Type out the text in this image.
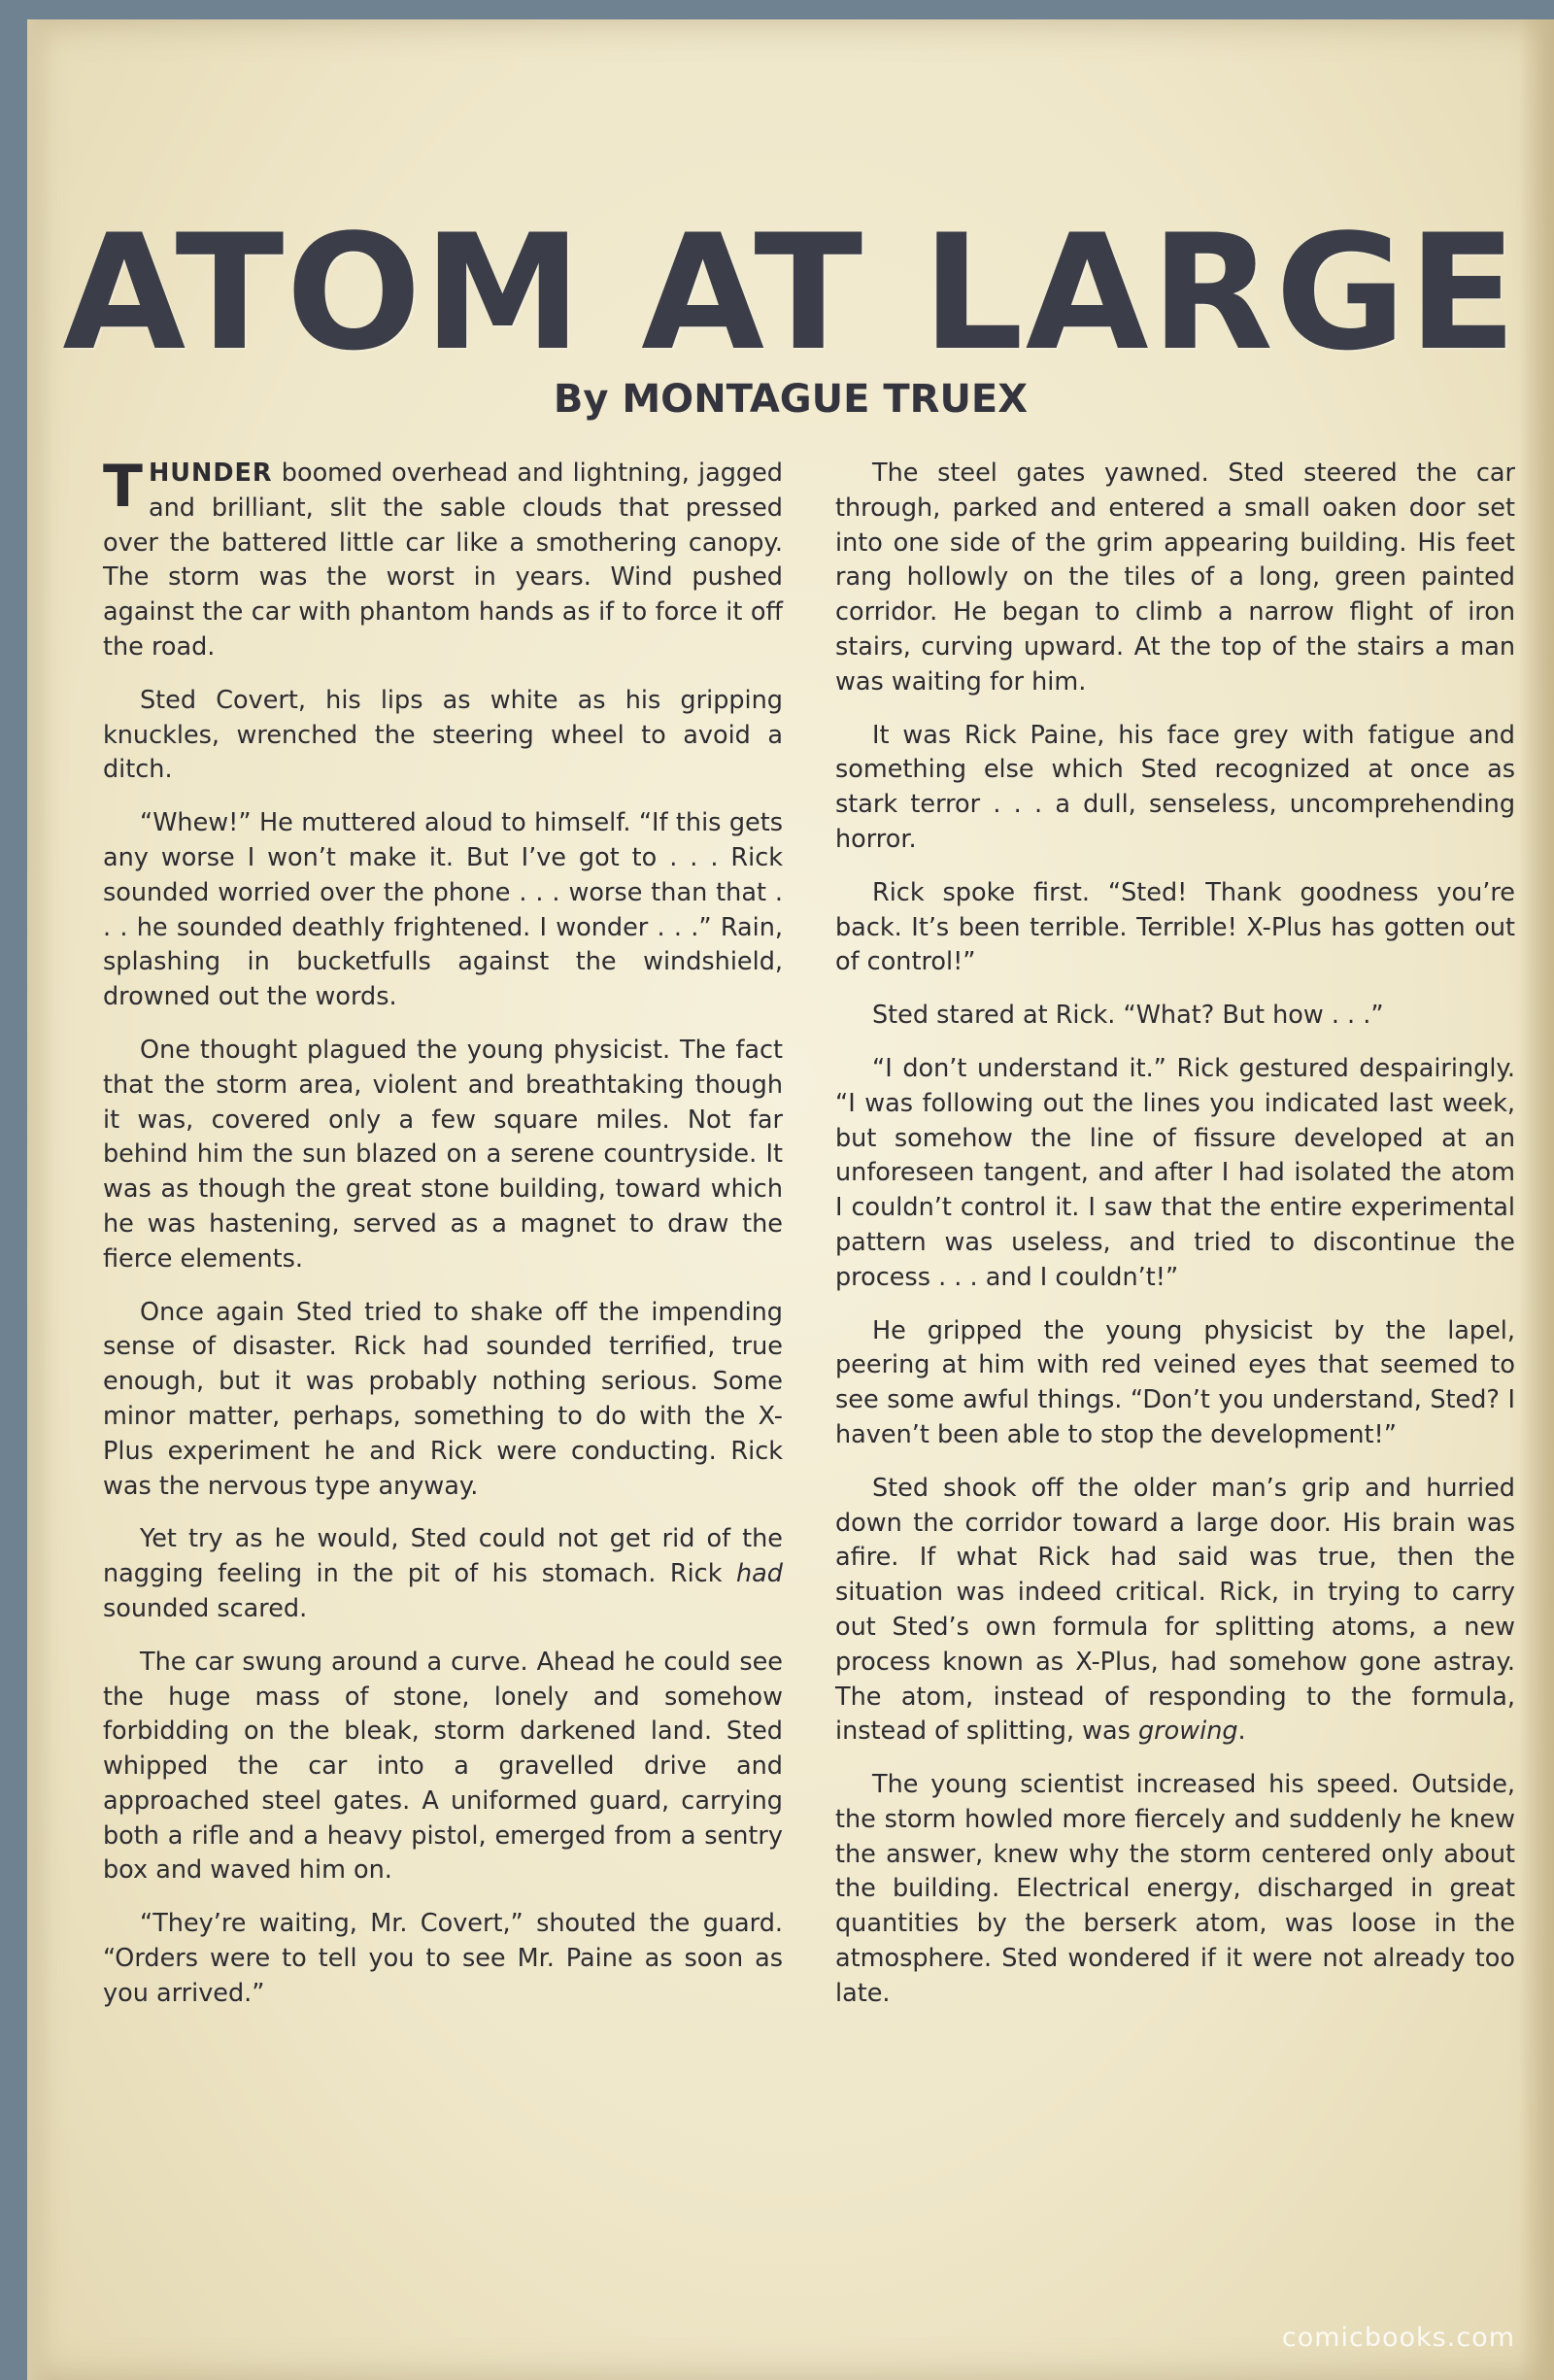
ATOM AT LARGE
By MONTAGUE TRUEX

THUNDER boomed overhead and lightning, jagged and brilliant, slit the sable clouds that pressed over the battered little car like a smothering canopy. The storm was the worst in years. Wind pushed against the car with phantom hands as if to force it off the road.

Sted Covert, his lips as white as his gripping knuckles, wrenched the steering wheel to avoid a ditch.

“Whew!” He muttered aloud to himself. “If this gets any worse I won’t make it. But I’ve got to . . . Rick sounded worried over the phone . . . worse than that . . . he sounded deathly frightened. I wonder . . .” Rain, splashing in bucketfulls against the windshield, drowned out the words.

One thought plagued the young physicist. The fact that the storm area, violent and breathtaking though it was, covered only a few square miles. Not far behind him the sun blazed on a serene countryside. It was as though the great stone building, toward which he was hastening, served as a magnet to draw the fierce elements.

Once again Sted tried to shake off the impending sense of disaster. Rick had sounded terrified, true enough, but it was probably nothing serious. Some minor matter, perhaps, something to do with the X-Plus experiment he and Rick were conducting. Rick was the nervous type anyway.

Yet try as he would, Sted could not get rid of the nagging feeling in the pit of his stomach. Rick had sounded scared.

The car swung around a curve. Ahead he could see the huge mass of stone, lonely and somehow forbidding on the bleak, storm darkened land. Sted whipped the car into a gravelled drive and approached steel gates. A uniformed guard, carrying both a rifle and a heavy pistol, emerged from a sentry box and waved him on.

“They’re waiting, Mr. Covert,” shouted the guard. “Orders were to tell you to see Mr. Paine as soon as you arrived.”

The steel gates yawned. Sted steered the car through, parked and entered a small oaken door set into one side of the grim appearing building. His feet rang hollowly on the tiles of a long, green painted corridor. He began to climb a narrow flight of iron stairs, curving upward. At the top of the stairs a man was waiting for him.

It was Rick Paine, his face grey with fatigue and something else which Sted recognized at once as stark terror . . . a dull, senseless, uncomprehending horror.

Rick spoke first. “Sted! Thank goodness you’re back. It’s been terrible. Terrible! X-Plus has gotten out of control!”

Sted stared at Rick. “What? But how . . .”

“I don’t understand it.” Rick gestured despairingly. “I was following out the lines you indicated last week, but somehow the line of fissure developed at an unforeseen tangent, and after I had isolated the atom I couldn’t control it. I saw that the entire experimental pattern was useless, and tried to discontinue the process . . . and I couldn’t!”

He gripped the young physicist by the lapel, peering at him with red veined eyes that seemed to see some awful things. “Don’t you understand, Sted? I haven’t been able to stop the development!”

Sted shook off the older man’s grip and hurried down the corridor toward a large door. His brain was afire. If what Rick had said was true, then the situation was indeed critical. Rick, in trying to carry out Sted’s own formula for splitting atoms, a new process known as X-Plus, had somehow gone astray. The atom, instead of responding to the formula, instead of splitting, was growing.

The young scientist increased his speed. Outside, the storm howled more fiercely and suddenly he knew the answer, knew why the storm centered only about the building. Electrical energy, discharged in great quantities by the berserk atom, was loose in the atmosphere. Sted wondered if it were not already too late.

comicbooks.com
